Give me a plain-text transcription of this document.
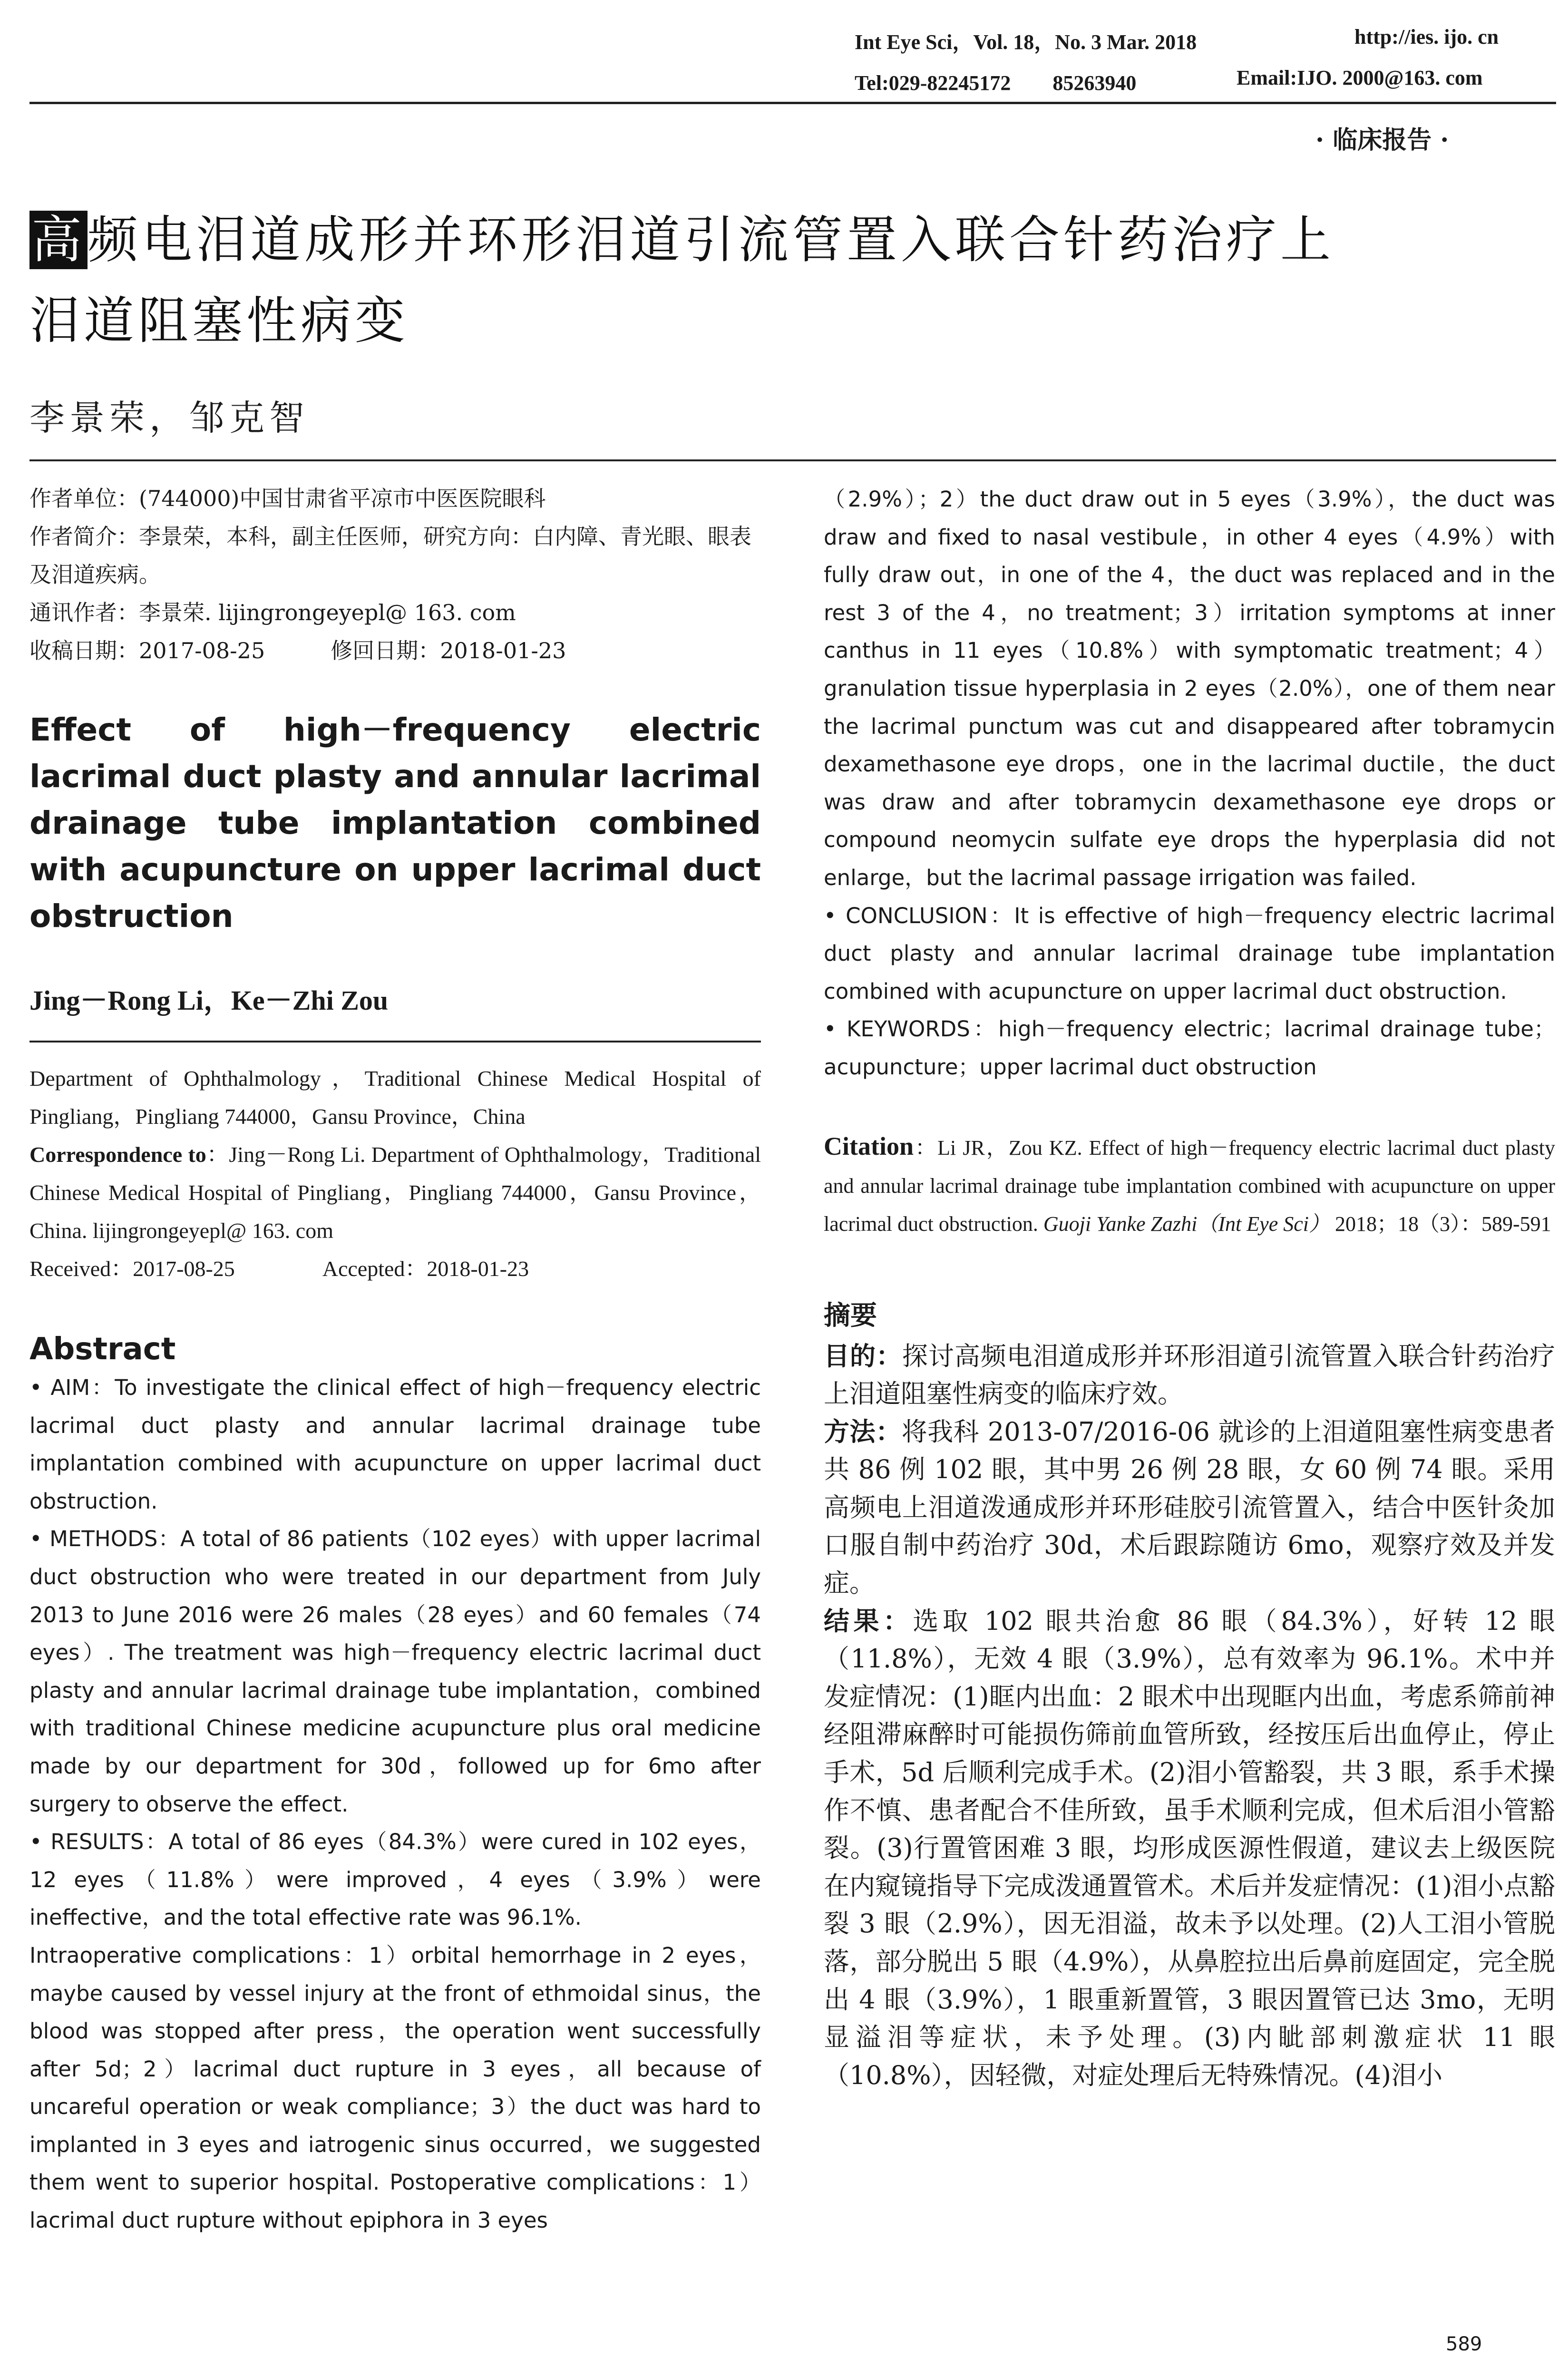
Int Eye Sci，Vol. 18，No. 3 Mar. 2018	http://ies. ijo. cn
Tel:029-82245172　　85263940	Email:IJO. 2000@163. com
· 临床报告 ·
高频电泪道成形并环形泪道引流管置入联合针药治疗上
泪道阻塞性病变
李景荣，邹克智
作者单位：(744000)中国甘肃省平凉市中医医院眼科
作者简介：李景荣，本科，副主任医师，研究方向：白内障、青光眼、眼表及泪道疾病。
通讯作者：李景荣. lijingrongeyepl@ 163. com
收稿日期：2017-08-25　　　修回日期：2018-01-23
Effect of high－frequency electric lacrimal duct plasty and annular lacrimal drainage tube implantation combined with acupuncture on upper lacrimal duct obstruction
Jing－Rong Li，Ke－Zhi Zou
Department of Ophthalmology，Traditional Chinese Medical Hospital of Pingliang，Pingliang 744000，Gansu Province，China
Correspondence to：Jing－Rong Li. Department of Ophthalmology，Traditional Chinese Medical Hospital of Pingliang，Pingliang 744000，Gansu Province，China. lijingrongeyepl@ 163. com
Received：2017-08-25　　　　Accepted：2018-01-23
Abstract

• AIM：To investigate the clinical effect of high－frequency electric lacrimal duct plasty and annular lacrimal drainage tube implantation combined with acupuncture on upper lacrimal duct obstruction.

• METHODS：A total of 86 patients（102 eyes）with upper lacrimal duct obstruction who were treated in our department from July 2013 to June 2016 were 26 males（28 eyes）and 60 females（74 eyes）. The treatment was high－frequency electric lacrimal duct plasty and annular lacrimal drainage tube implantation，combined with traditional Chinese medicine acupuncture plus oral medicine made by our department for 30d，followed up for 6mo after surgery to observe the effect.

• RESULTS：A total of 86 eyes（84.3%）were cured in 102 eyes，12 eyes（11.8%）were improved，4 eyes（3.9%）were ineffective，and the total effective rate was 96.1%.

Intraoperative complications：1）orbital hemorrhage in 2 eyes，maybe caused by vessel injury at the front of ethmoidal sinus，the blood was stopped after press，the operation went successfully after 5d；2）lacrimal duct rupture in 3 eyes，all because of uncareful operation or weak compliance；3）the duct was hard to implanted in 3 eyes and iatrogenic sinus occurred，we suggested them went to superior hospital. Postoperative complications：1）lacrimal duct rupture without epiphora in 3 eyes

（2.9%）；2）the duct draw out in 5 eyes（3.9%），the duct was draw and fixed to nasal vestibule，in other 4 eyes（4.9%）with fully draw out，in one of the 4，the duct was replaced and in the rest 3 of the 4，no treatment；3）irritation symptoms at inner canthus in 11 eyes（10.8%）with symptomatic treatment；4）granulation tissue hyperplasia in 2 eyes（2.0%），one of them near the lacrimal punctum was cut and disappeared after tobramycin dexamethasone eye drops，one in the lacrimal ductile，the duct was draw and after tobramycin dexamethasone eye drops or compound neomycin sulfate eye drops the hyperplasia did not enlarge，but the lacrimal passage irrigation was failed.

• CONCLUSION：It is effective of high－frequency electric lacrimal duct plasty and annular lacrimal drainage tube implantation combined with acupuncture on upper lacrimal duct obstruction.

• KEYWORDS：high－frequency electric；lacrimal drainage tube；acupuncture；upper lacrimal duct obstruction

Citation：Li JR，Zou KZ. Effect of high－frequency electric lacrimal duct plasty and annular lacrimal drainage tube implantation combined with acupuncture on upper lacrimal duct obstruction. Guoji Yanke Zazhi（Int Eye Sci） 2018；18（3）：589-591
摘要

目的：探讨高频电泪道成形并环形泪道引流管置入联合针药治疗上泪道阻塞性病变的临床疗效。

方法：将我科 2013-07/2016-06 就诊的上泪道阻塞性病变患者共 86 例 102 眼，其中男 26 例 28 眼，女 60 例 74 眼。采用高频电上泪道泼通成形并环形硅胶引流管置入，结合中医针灸加口服自制中药治疗 30d，术后跟踪随访 6mo，观察疗效及并发症。

结果：选取 102 眼共治愈 86 眼（84.3%），好转 12 眼（11.8%），无效 4 眼（3.9%），总有效率为 96.1%。术中并发症情况：(1)眶内出血：2 眼术中出现眶内出血，考虑系筛前神经阻滞麻醉时可能损伤筛前血管所致，经按压后出血停止，停止手术，5d 后顺利完成手术。(2)泪小管豁裂，共 3 眼，系手术操作不慎、患者配合不佳所致，虽手术顺利完成，但术后泪小管豁裂。(3)行置管困难 3 眼，均形成医源性假道，建议去上级医院在内窥镜指导下完成泼通置管术。术后并发症情况：(1)泪小点豁裂 3 眼（2.9%），因无泪溢，故未予以处理。(2)人工泪小管脱落，部分脱出 5 眼（4.9%），从鼻腔拉出后鼻前庭固定，完全脱出 4 眼（3.9%），1 眼重新置管，3 眼因置管已达 3mo，无明显溢泪等症状，未予处理。(3)内眦部刺激症状 11 眼（10.8%），因轻微，对症处理后无特殊情况。(4)泪小

589
